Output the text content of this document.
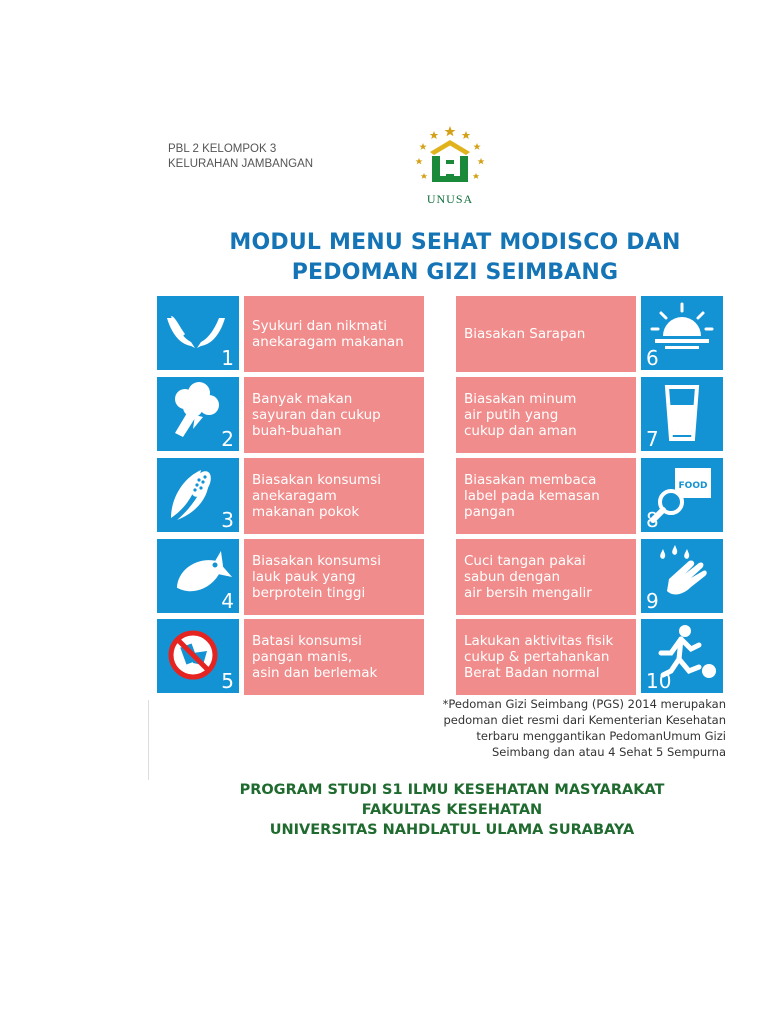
PBL 2 KELOMPOK 3
KELURAHAN JAMBANGAN
UNUSA
MODUL MENU SEHAT MODISCO DAN
PEDOMAN GIZI SEIMBANG
1
Syukuri dan nikmati
anekaragam makanan	Biasakan Sarapan
6
2
Banyak makan
sayuran dan cukup
buah-buahan
Biasakan minum
air putih yang
cukup dan aman	7
3
Biasakan konsumsi
anekaragam
makanan pokok
Biasakan membaca
label pada kemasan
pangan
FOOD
8
4
Biasakan konsumsi
lauk pauk yang
berprotein tinggi
Cuci tangan pakai
sabun dengan
air bersih mengalir	9
5
Batasi konsumsi
pangan manis,
asin dan berlemak
Lakukan aktivitas fisik
cukup & pertahankan
Berat Badan normal	10
*Pedoman Gizi Seimbang (PGS) 2014 merupakan
pedoman diet resmi dari Kementerian Kesehatan
terbaru menggantikan PedomanUmum Gizi
Seimbang dan atau 4 Sehat 5 Sempurna
PROGRAM STUDI S1 ILMU KESEHATAN MASYARAKAT
FAKULTAS KESEHATAN
UNIVERSITAS NAHDLATUL ULAMA SURABAYA
